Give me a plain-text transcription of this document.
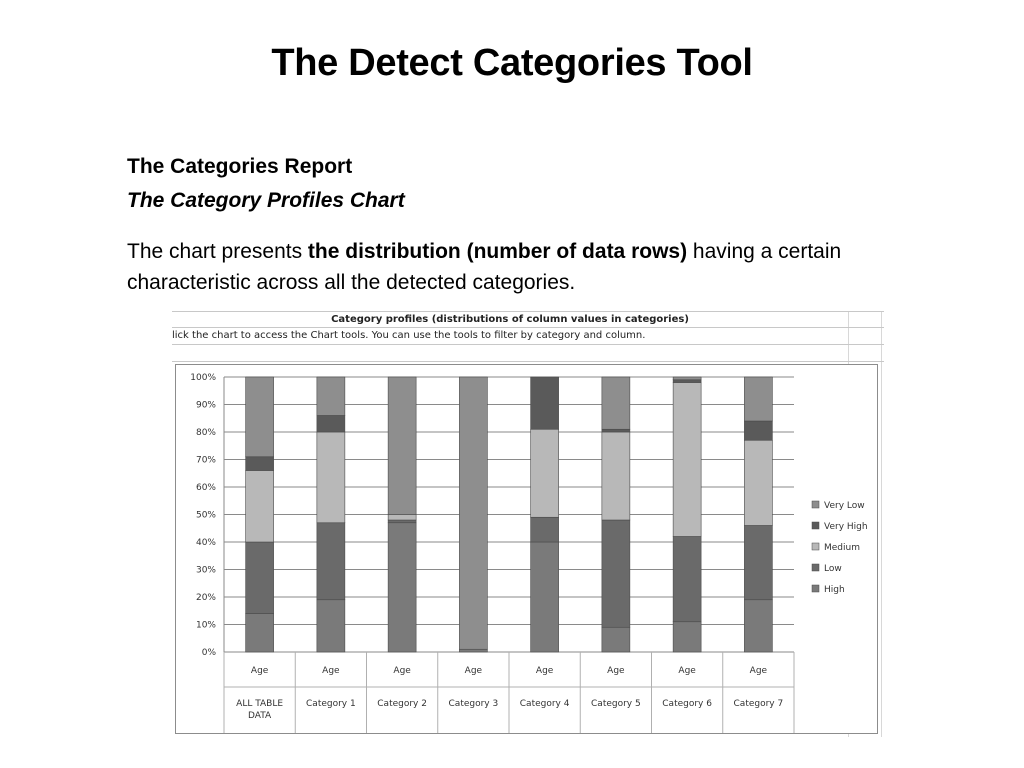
The Detect Categories Tool
The Categories Report
The Category Profiles Chart
The chart presents the distribution (number of data rows) having a certain characteristic across all the detected categories.
Category profiles (distributions of column values in categories)
lick the chart to access the Chart tools. You can use the tools to filter by category and column.
0%
10%
20%
30%
40%
50%
60%
70%
80%
90%
100%
Age
ALL TABLE
DATA
Age
Category 1
Age
Category 2
Age
Category 3
Age
Category 4
Age
Category 5
Age
Category 6
Age
Category 7
Very Low
Very High
Medium
Low
High
